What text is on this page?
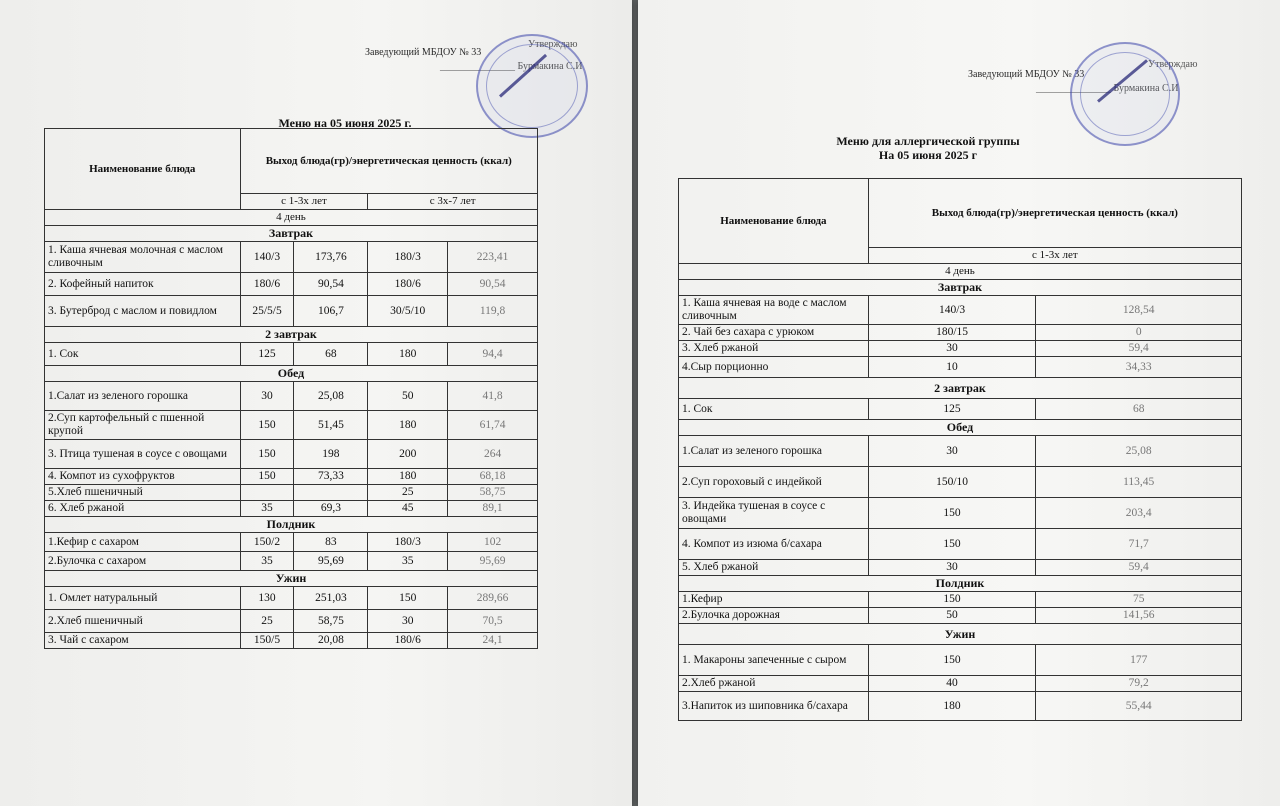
Заведующий МБДОУ № 33
_______________ Бурмакина С.И
Утверждаю
Меню на 05 июня 2025 г.
Наименование блюда	Выход блюда(гр)/энергетическая ценность (ккал)			
	с 1-3х лет		с 3х-7 лет	
4 день				
Завтрак				
1. Каша ячневая молочная с маслом сливочным	140/3	173,76	180/3	223,41
2. Кофейный напиток	180/6	90,54	180/6	90,54
3. Бутерброд с маслом и повидлом	25/5/5	106,7	30/5/10	119,8
2 завтрак				
1. Сок	125	68	180	94,4
Обед				
1.Салат из зеленого горошка	30	25,08	50	41,8
2.Суп картофельный с пшенной крупой	150	51,45	180	61,74
3. Птица тушеная в соусе с овощами	150	198	200	264
4. Компот из сухофруктов	150	73,33	180	68,18
5.Хлеб пшеничный			25	58,75
6. Хлеб ржаной	35	69,3	45	89,1
Полдник				
1.Кефир с сахаром	150/2	83	180/3	102
2.Булочка с сахаром	35	95,69	35	95,69
Ужин				
1. Омлет натуральный	130	251,03	150	289,66
2.Хлеб пшеничный	25	58,75	30	70,5
3. Чай с сахаром	150/5	20,08	180/6	24,1
Заведующий МБДОУ № 33
_______________ Бурмакина С.И
Утверждаю
Меню для аллергической группы
На 05 июня 2025 г
Наименование блюда	Выход блюда(гр)/энергетическая ценность (ккал)	
	с 1-3х лет	
4 день		
Завтрак		
1. Каша ячневая на воде с маслом сливочным	140/3	128,54
2. Чай без сахара с урюком	180/15	0
3. Хлеб ржаной	30	59,4
4.Сыр порционно	10	34,33
2 завтрак		
1. Сок	125	68
Обед		
1.Салат из зеленого горошка	30	25,08
2.Суп гороховый с индейкой	150/10	113,45
3. Индейка тушеная в соусе с овощами	150	203,4
4. Компот из изюма б/сахара	150	71,7
5. Хлеб ржаной	30	59,4
Полдник		
1.Кефир	150	75
2.Булочка дорожная	50	141,56
Ужин		
1. Макароны запеченные с сыром	150	177
2.Хлеб ржаной	40	79,2
3.Напиток из шиповника б/сахара	180	55,44
